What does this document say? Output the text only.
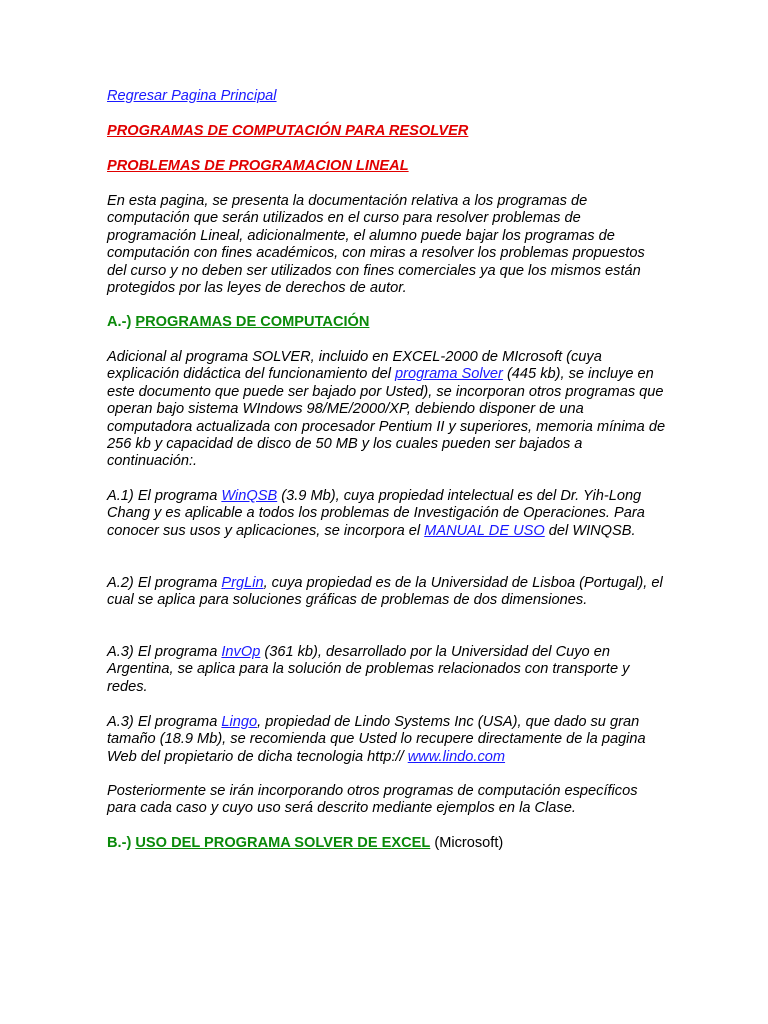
Regresar Pagina Principal

PROGRAMAS DE COMPUTACIÓN PARA RESOLVER

PROBLEMAS DE PROGRAMACION LINEAL

En esta pagina, se presenta la documentación relativa a los programas de computación que serán utilizados en el curso para resolver problemas de programación Lineal, adicionalmente, el alumno puede bajar los programas de computación con fines académicos, con miras a resolver los problemas propuestos del curso y no deben ser utilizados con fines comerciales ya que los mismos están protegidos por las leyes de derechos de autor.

A.-) PROGRAMAS DE COMPUTACIÓN

Adicional al programa SOLVER, incluido en EXCEL-2000 de MIcrosoft (cuya explicación didáctica del funcionamiento del programa Solver (445 kb), se incluye en este documento que puede ser bajado por Usted), se incorporan otros programas que operan bajo sistema WIndows 98/ME/2000/XP, debiendo disponer de una computadora actualizada con procesador Pentium II y superiores, memoria mínima de 256 kb y capacidad de disco de 50 MB y los cuales pueden ser bajados a continuación:.

A.1) El programa WinQSB (3.9 Mb), cuya propiedad intelectual es del Dr. Yih-Long Chang y es aplicable a todos los problemas de Investigación de Operaciones. Para conocer sus usos y aplicaciones, se incorpora el MANUAL DE USO del WINQSB.

A.2) El programa PrgLin, cuya propiedad es de la Universidad de Lisboa (Portugal), el cual se aplica para soluciones gráficas de problemas de dos dimensiones.

A.3) El programa InvOp (361 kb), desarrollado por la Universidad del Cuyo en Argentina, se aplica para la solución de problemas relacionados con transporte y redes.

A.3) El programa Lingo, propiedad de Lindo Systems Inc (USA), que dado su gran tamaño (18.9 Mb), se recomienda que Usted lo recupere directamente de la pagina Web del propietario de dicha tecnologia http:// www.lindo.com

Posteriormente se irán incorporando otros programas de computación específicos para cada caso y cuyo uso será descrito mediante ejemplos en la Clase.

B.-) USO DEL PROGRAMA SOLVER DE EXCEL (Microsoft)
